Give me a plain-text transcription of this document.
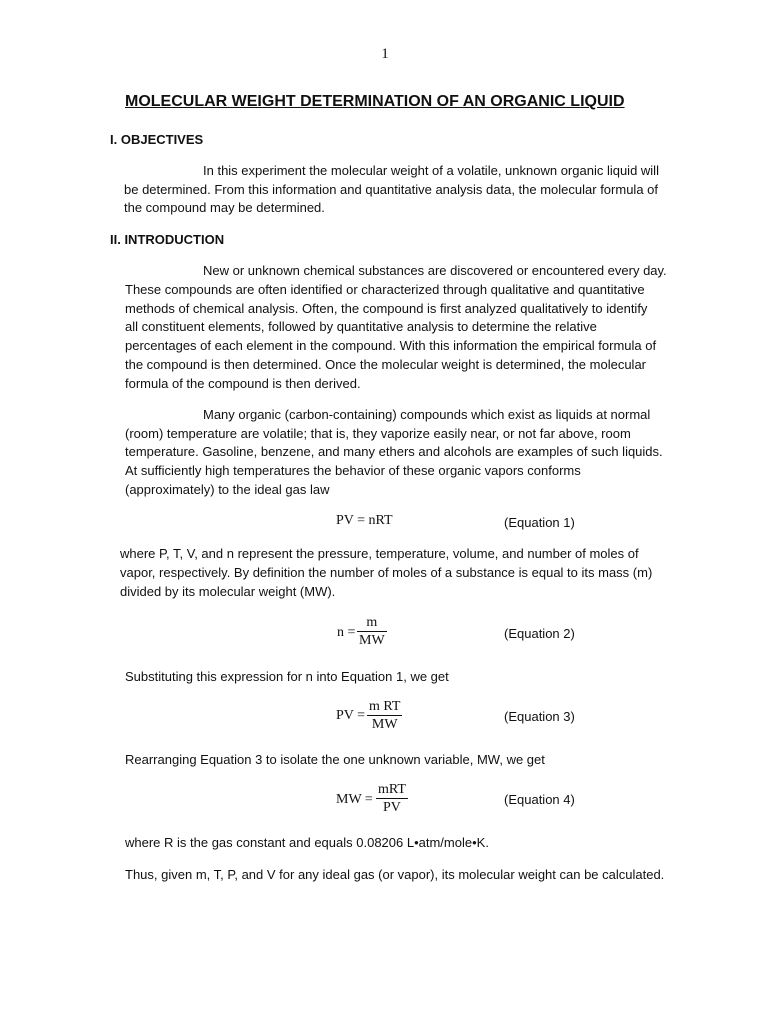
1
MOLECULAR WEIGHT DETERMINATION OF AN ORGANIC LIQUID
I. OBJECTIVES
In this experiment the molecular weight of a volatile, unknown organic liquid will
be determined. From this information and quantitative analysis data, the molecular formula of
the compound may be determined.
II. INTRODUCTION
New or unknown chemical substances are discovered or encountered every day.
These compounds are often identified or characterized through qualitative and quantitative
methods of chemical analysis. Often, the compound is first analyzed qualitatively to identify
all constituent elements, followed by quantitative analysis to determine the relative
percentages of each element in the compound. With this information the empirical formula of
the compound is then determined. Once the molecular weight is determined, the molecular
formula of the compound is then derived.
Many organic (carbon-containing) compounds which exist as liquids at normal
(room) temperature are volatile; that is, they vaporize easily near, or not far above, room
temperature. Gasoline, benzene, and many ethers and alcohols are examples of such liquids.
At sufficiently high temperatures the behavior of these organic vapors conforms
(approximately) to the ideal gas law
PV = nRT	(Equation 1)
where P, T, V, and n represent the pressure, temperature, volume, and number of moles of
vapor, respectively. By definition the number of moles of a substance is equal to its mass (m)
divided by its molecular weight (MW).
n =
m
MW	(Equation 2)
Substituting this expression for n into Equation 1, we get
PV =
m RT
MW
(Equation 3)
Rearranging Equation 3 to isolate the one unknown variable, MW, we get
MW =
mRT
PV
(Equation 4)
where R is the gas constant and equals 0.08206 L•atm/mole•K.
Thus, given m, T, P, and V for any ideal gas (or vapor), its molecular weight can be calculated.
